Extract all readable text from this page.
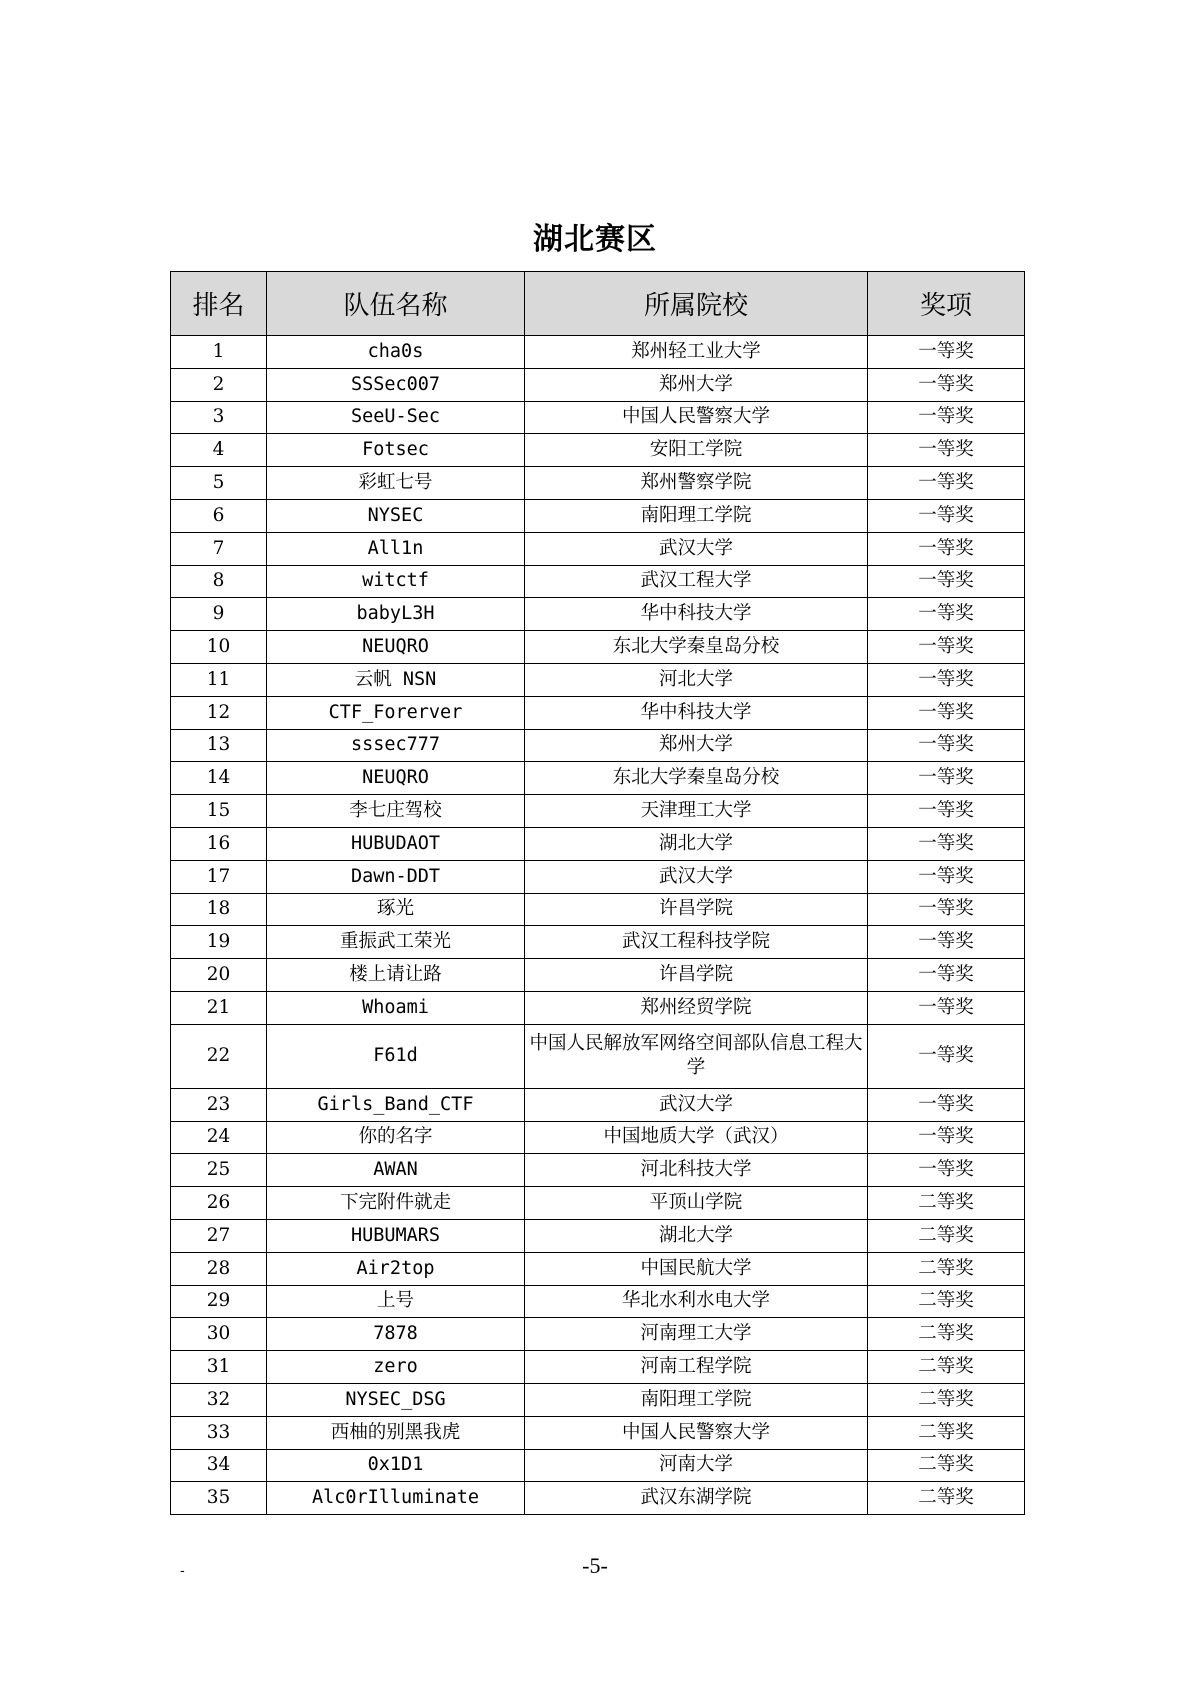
湖北赛区
排名	队伍名称	所属院校	奖项
1	cha0s	郑州轻工业大学	一等奖
2	SSSec007	郑州大学	一等奖
3	SeeU-Sec	中国人民警察大学	一等奖
4	Fotsec	安阳工学院	一等奖
5	彩虹七号	郑州警察学院	一等奖
6	NYSEC	南阳理工学院	一等奖
7	All1n	武汉大学	一等奖
8	witctf	武汉工程大学	一等奖
9	babyL3H	华中科技大学	一等奖
10	NEUQRO	东北大学秦皇岛分校	一等奖
11	云帆 NSN	河北大学	一等奖
12	CTF_Forerver	华中科技大学	一等奖
13	sssec777	郑州大学	一等奖
14	NEUQRO	东北大学秦皇岛分校	一等奖
15	李七庄驾校	天津理工大学	一等奖
16	HUBUDAOT	湖北大学	一等奖
17	Dawn-DDT	武汉大学	一等奖
18	琢光	许昌学院	一等奖
19	重振武工荣光	武汉工程科技学院	一等奖
20	楼上请让路	许昌学院	一等奖
21	Whoami	郑州经贸学院	一等奖
22	F61d	中国人民解放军网络空间部队信息工程大学	一等奖
23	Girls_Band_CTF	武汉大学	一等奖
24	你的名字	中国地质大学（武汉）	一等奖
25	AWAN	河北科技大学	一等奖
26	下完附件就走	平顶山学院	二等奖
27	HUBUMARS	湖北大学	二等奖
28	Air2top	中国民航大学	二等奖
29	上号	华北水利水电大学	二等奖
30	7878	河南理工大学	二等奖
31	zero	河南工程学院	二等奖
32	NYSEC_DSG	南阳理工学院	二等奖
33	西柚的别黑我虎	中国人民警察大学	二等奖
34	0x1D1	河南大学	二等奖
35	Alc0rIlluminate	武汉东湖学院	二等奖
-	-5-
